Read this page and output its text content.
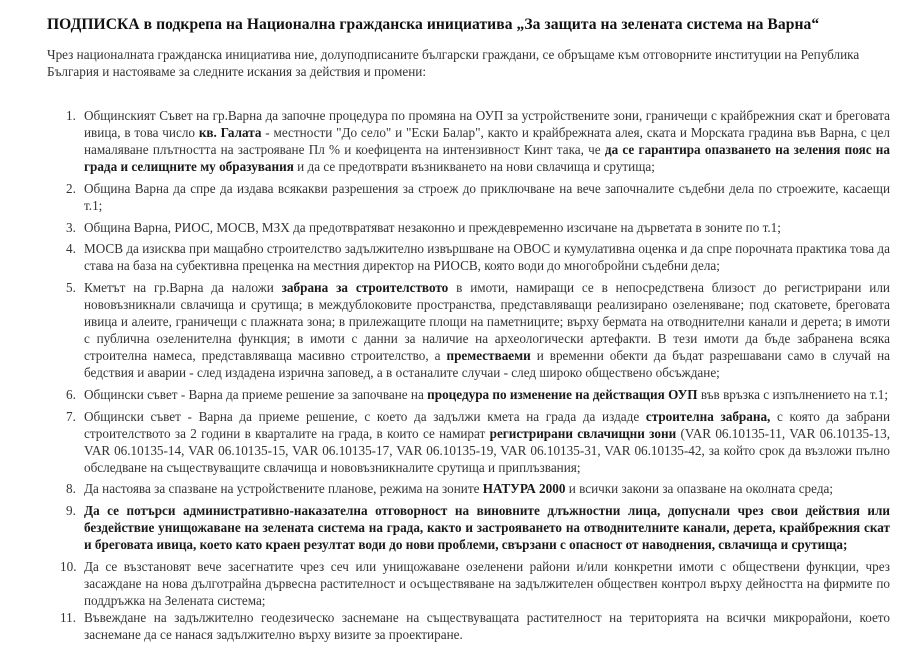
ПОДПИСКА в подкрепа на Национална гражданска инициатива „За защита на зелената система на Варна“
Чрез националната гражданска инициатива ние, долуподписаните български граждани, се обръщаме към отговорните институции на Република България и настояваме за следните искания за действия и промени:
1. Общинският Съвет на гр.Варна да започне процедура по промяна на ОУП за устройствените зони, граничещи с крайбрежния скат и бреговата ивица, в това число кв. Галата - местности "До село" и "Ески Балар", както и крайбрежната алея, ската и Морската градина във Варна, с цел намаляване плътността на застрояване Пл % и коефицента на интензивност Кинт така, че да се гарантира опазването на зеления пояс на града и селищните му образувания и да се предотврати възникването на нови свлачища и срутища;
2. Община Варна да спре да издава всякакви разрешения за строеж до приключване на вече започналите съдебни дела по строежите, касаещи т.1;
3. Община Варна, РИОС, МОСВ, МЗХ да предотвратяват незаконно и преждевременно изсичане на дърветата в зоните по т.1;
4. МОСВ да изисква при мащабно строителство задължително извършване на ОВОС и кумулативна оценка и да спре порочната практика това да става на база на субективна преценка на местния директор на РИОСВ, която води до многобройни съдебни дела;
5. Кметът на гр.Варна да наложи забрана за строителството в имоти, намиращи се в непосредствена близост до регистрирани или нововъзникнали свлачища и срутища; в междублоковите пространства, представляващи реализирано озеленяване; под скатовете, бреговата ивица и алеите, граничещи с плажната зона; в прилежащите площи на паметниците; върху бермата на отводнителни канали и дерета; в имоти с публична озеленителна функция; в имоти с данни за наличие на археологически артефакти. В тези имоти да бъде забранена всяка строителна намеса, представляваща масивно строителство, а преместваеми и временни обекти да бъдат разрешавани само в случай на бедствия и аварии - след издадена изрична заповед, а в останалите случаи - след широко обществено обсъждане;
6. Общински съвет - Варна да приеме решение за започване на процедура по изменение на действащия ОУП във връзка с изпълнението на т.1;
7. Общински съвет - Варна да приеме решение, с което да задължи кмета на града да издаде строителна забрана, с която да забрани строителството за 2 години в кварталите на града, в които се намират регистрирани свлачищни зони (VAR 06.10135-11, VAR 06.10135-13, VAR 06.10135-14, VAR 06.10135-15, VAR 06.10135-17, VAR 06.10135-19, VAR 06.10135-31, VAR 06.10135-42, за който срок да възложи пълно обследване на съществуващите свлачища и нововъзникналите срутища и приплъзвания;
8. Да настоява за спазване на устройствените планове, режима на зоните НАТУРА 2000 и всички закони за опазване на околната среда;
9. Да се потърси административно-наказателна отговорност на виновните длъжностни лица, допуснали чрез свои действия или бездействие унищожаване на зелената система на града, както и застрояването на отводнителните канали, дерета, крайбрежния скат и бреговата ивица, което като краен резултат води до нови проблеми, свързани с опасност от наводнения, свлачища и срутища;
10. Да се възстановят вече засегнатите чрез сеч или унищожаване озеленени райони и/или конкретни имоти с обществени функции, чрез засаждане на нова дълготрайна дървесна растителност и осъществяване на задължителен обществен контрол върху дейността на фирмите по поддръжка на Зелената система;
11. Въвеждане на задължително геодезическо заснемане на съществуващата растителност на територията на всички микрорайони, което заснемане да се нанася задължително върху визите за проектиране.
